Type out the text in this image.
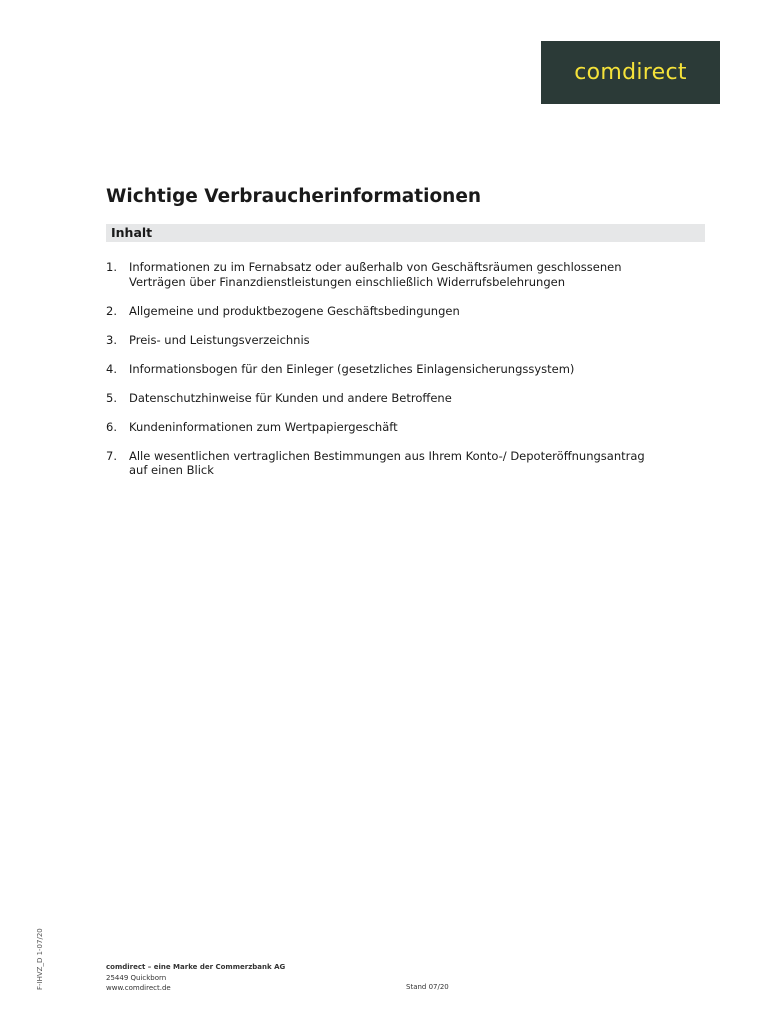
comdirect
Wichtige Verbraucherinformationen
Inhalt
1. Informationen zu im Fernabsatz oder außerhalb von Geschäftsräumen geschlossenen
Verträgen über Finanzdienstleistungen einschließlich Widerrufsbelehrungen
2. Allgemeine und produktbezogene Geschäftsbedingungen
3. Preis- und Leistungsverzeichnis
4. Informationsbogen für den Einleger (gesetzliches Einlagensicherungssystem)
5. Datenschutzhinweise für Kunden und andere Betroffene
6. Kundeninformationen zum Wertpapiergeschäft
7. Alle wesentlichen vertraglichen Bestimmungen aus Ihrem Konto-/ Depoteröffnungsantrag
auf einen Blick
F-IHVZ_D 1-07/20	comdirect – eine Marke der Commerzbank AG
25449 Quickborn
www.comdirect.de	Stand 07/20
